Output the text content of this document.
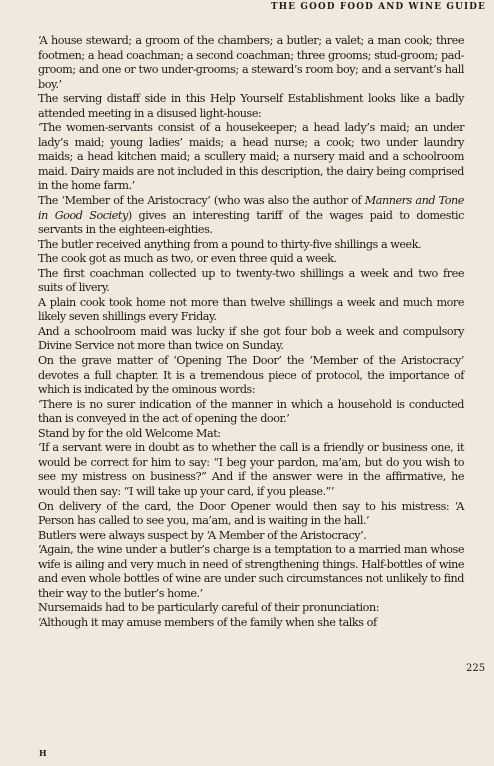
THE GOOD FOOD AND WINE GUIDE

‘A house steward; a groom of the chambers; a butler; a valet; a man cook; three footmen; a head coachman; a second coachman; three grooms; stud-groom; pad-groom; and one or two under-grooms; a steward’s room boy; and a servant’s hall boy.’

The serving distaff side in this Help Yourself Establishment looks like a badly attended meeting in a disused light-house:

‘The women-servants consist of a housekeeper; a head lady’s maid; an under lady’s maid; young ladies’ maids; a head nurse; a cook; two under laundry maids; a head kitchen maid; a scullery maid; a nursery maid and a schoolroom maid. Dairy maids are not included in this description, the dairy being comprised in the home farm.’

The ‘Member of the Aristocracy’ (who was also the author of Manners and Tone in Good Society) gives an interesting tariff of the wages paid to domestic servants in the eighteen-eighties.

The butler received anything from a pound to thirty-five shillings a week.

The cook got as much as two, or even three quid a week.

The first coachman collected up to twenty-two shillings a week and two free suits of livery.

A plain cook took home not more than twelve shillings a week and much more likely seven shillings every Friday.

And a schoolroom maid was lucky if she got four bob a week and compulsory Divine Service not more than twice on Sunday.

On the grave matter of ‘Opening The Door’ the ‘Member of the Aristocracy’ devotes a full chapter. It is a tremendous piece of protocol, the importance of which is indicated by the ominous words:

‘There is no surer indication of the manner in which a household is conducted than is conveyed in the act of opening the door.’

Stand by for the old Welcome Mat:

‘If a servant were in doubt as to whether the call is a friendly or business one, it would be correct for him to say: “I beg your pardon, ma’am, but do you wish to see my mistress on business?” And if the answer were in the affirmative, he would then say: “I will take up your card, if you please.”’

On delivery of the card, the Door Opener would then say to his mistress: ‘A Person has called to see you, ma’am, and is waiting in the hall.’

Butlers were always suspect by ‘A Member of the Aristocracy’.

‘Again, the wine under a butler’s charge is a temptation to a married man whose wife is ailing and very much in need of strengthening things. Half-bottles of wine and even whole bottles of wine are under such circumstances not unlikely to find their way to the butler’s home.’

Nursemaids had to be particularly careful of their pronunciation:

‘Although it may amuse members of the family when she talks of

225
H
